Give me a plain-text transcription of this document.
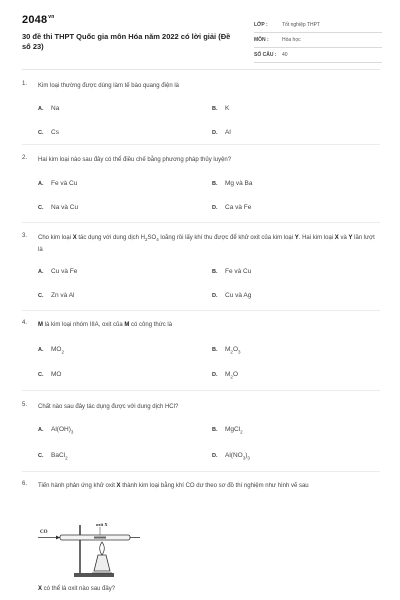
$2048^{vn}$
30 đề thi THPT Quốc gia môn Hóa năm 2022 có lời giải (Đề số 23)
LỚP :	Tốt nghiệp THPT
MÔN :	Hóa học
SỐ CÂU :	40
1. Kim loại thường được dùng làm tế bào quang điện là
A. Na	B. K
C. Cs	D. Al
2. Hai kim loại nào sau đây có thể điều chế bằng phương pháp thủy luyện?
A. Fe và Cu	B. Mg và Ba
C. Na và Cu	D. Ca và Fe
3. Cho kim loại X tác dụng với dung dịch $H_2SO_4$ loãng rồi lấy khí thu được để khử oxit của kim loại Y. Hai kim loại X và Y lần lượt là
A. Cu và Fe	B. Fe và Cu
C. Zn và Al	D. Cu và Ag
4. M là kim loại nhóm IIIA, oxit của M có công thức là
A. $MO_2$	B. $M_2O_3$
C. MO	D. $M_2O$
5. Chất nào sau đây tác dụng được với dung dịch HCl?
A. $Al(OH)_3$	B. MgCl$_2$
C. BaCl$_2$	D. $Al(NO_3)_3$
6. Tiến hành phản ứng khử oxit X thành kim loại bằng khí CO dư theo sơ đồ thí nghiệm như hình vẽ sau
CO
oxit X
X có thể là oxit nào sau đây?
